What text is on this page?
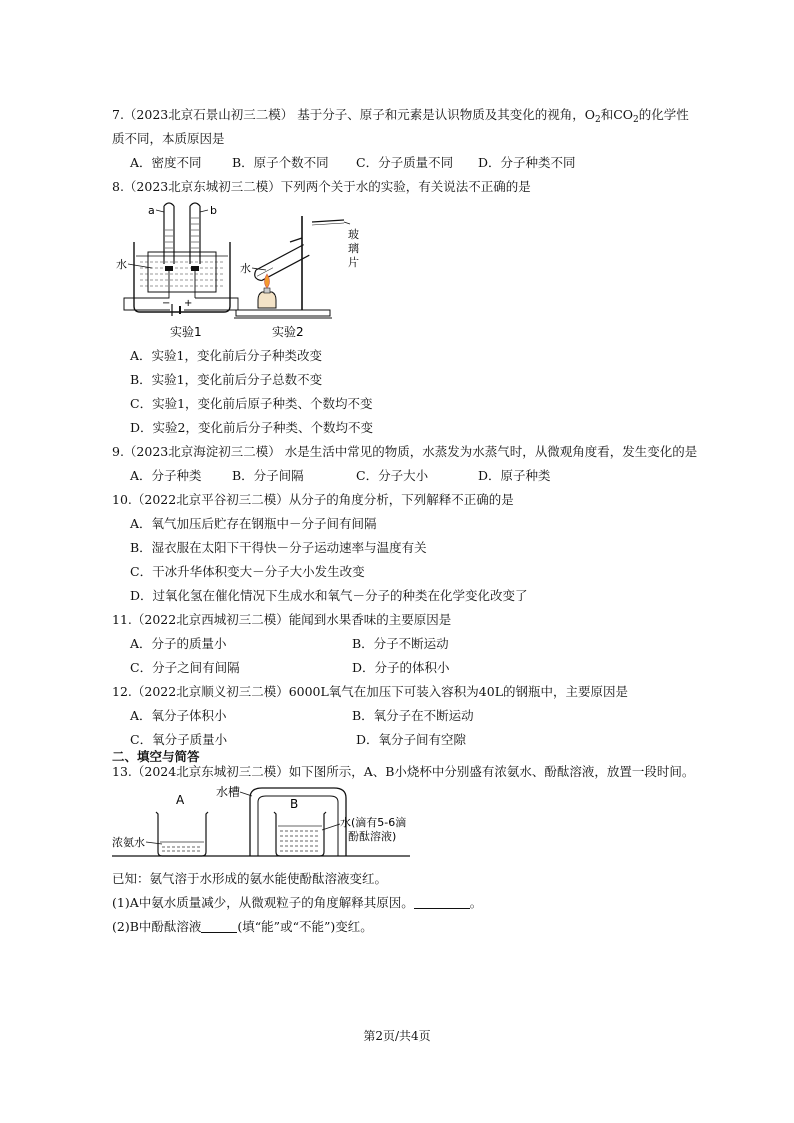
7.（2023北京石景山初三二模） 基于分子、原子和元素是认识物质及其变化的视角，$O_2$和$CO_2$的化学性
质不同，本质原因是
A．密度不同 B．原子个数不同 C．分子质量不同 D．分子种类不同
8.（2023北京东城初三二模）下列两个关于水的实验，有关说法不正确的是
a	b
水
− +
实验1
水
玻
璃
片
实验2
A．实验1，变化前后分子种类改变
B．实验1，变化前后分子总数不变
C．实验1，变化前后原子种类、个数均不变
D．实验2，变化前后分子种类、个数均不变
9.（2023北京海淀初三二模） 水是生活中常见的物质，水蒸发为水蒸气时，从微观角度看，发生变化的是
A．分子种类 B．分子间隔	C．分子大小	D．原子种类
10.（2022北京平谷初三二模）从分子的角度分析，下列解释不正确的是
A．氧气加压后贮存在钢瓶中－分子间有间隔
B．湿衣服在太阳下干得快－分子运动速率与温度有关
C．干冰升华体积变大－分子大小发生改变
D．过氧化氢在催化情况下生成水和氧气－分子的种类在化学变化改变了
11.（2022北京西城初三二模）能闻到水果香味的主要原因是
A．分子的质量小	B．分子不断运动
C．分子之间有间隔	D．分子的体积小
12.（2022北京顺义初三二模）6000L氧气在加压下可装入容积为40L的钢瓶中，主要原因是
A．氧分子体积小	B．氧分子在不断运动
C．氧分子质量小	D．氧分子间有空隙
二、填空与简答
13.（2024北京东城初三二模）如下图所示，A、B小烧杯中分别盛有浓氨水、酚酞溶液，放置一段时间。
A
浓氨水
水槽
B
水(滴有5-6滴
酚酞溶液)
已知：氨气溶于水形成的氨水能使酚酞溶液变红。
(1)A中氨水质量减少，从微观粒子的角度解释其原因。	。
(2)B中酚酞溶液	(填“能”或“不能”)变红。
第2页/共4页
